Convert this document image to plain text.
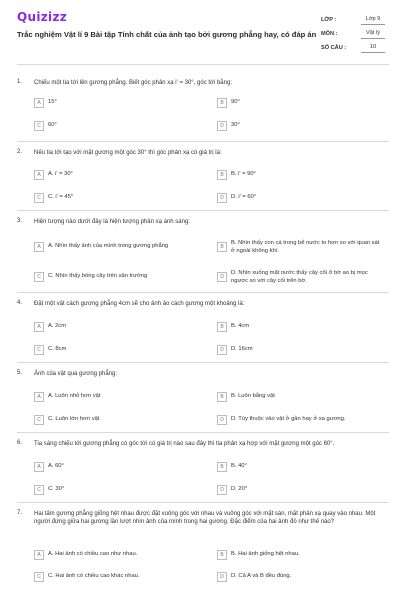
Quizizz
Trắc nghiệm Vật lí 9 Bài tập Tính chất của ảnh tạo bởi gương phẳng hay, có đáp án
LỚP :	Lớp 9
MÔN :	Vật lý
SỐ CÂU :	10
1. Chiếu một tia tới lên gương phẳng. Biết góc phản xạ i' = 30°, góc tới bằng:
A	15°	B	90°
C	60°	D	30°
2. Nếu tia tới tạo với mặt gương một góc 30° thì góc phản xạ có giá trị là:
A	A. i' = 30°	B	B. i' = 90°
C	C. i' = 45°	D	D. i' = 60°
3. Hiện tượng nào dưới đây là hiện tượng phản xạ ánh sáng:
A	A. Nhìn thấy ảnh của mình trong gương phẳng	B
B. Nhìn thấy con cá trong bể nước to hơn so với quan sát ở ngoài không khí.
C	C. Nhìn thấy bóng cây trên sân trường	D
D. Nhìn xuống mặt nước thấy cây cối ở bờ ao bị mọc ngược so với cây cối trên bờ.
4. Đặt một vật cách gương phẳng 4cm sẽ cho ảnh ảo cách gương một khoảng là:
A	A. 2cm	B	B. 4cm
C	C. 8cm	D	D. 16cm
5. Ảnh của vật qua gương phẳng:
A	A. Luôn nhỏ hơn vật	B	B. Luôn bằng vật
C	C. Luôn lớn hơn vật	D	D. Tùy thuộc vào vật ở gần hay ở xa gương.
6. Tia sáng chiếu tới gương phẳng có góc tới có giá trị nào sau đây thì tia phản xạ hợp với mặt gương một góc 60°.
A	A. 60°	B	B. 40°
C	C. 30°	D	D. 20°
7. Hai tấm gương phẳng giống hệt nhau được đặt vuông góc với nhau và vuông góc với mặt sàn, mặt phản xạ quay vào nhau. Một người đứng giữa hai gương lần lượt nhìn ảnh của mình trong hai gương. Đặc điểm của hai ảnh đó như thế nào?
A	A. Hai ảnh có chiều cao như nhau.	B	B. Hai ảnh giống hệt nhau.
C	C. Hai ảnh có chiều cao khác nhau.	D	D. Cả A và B đều đúng.
